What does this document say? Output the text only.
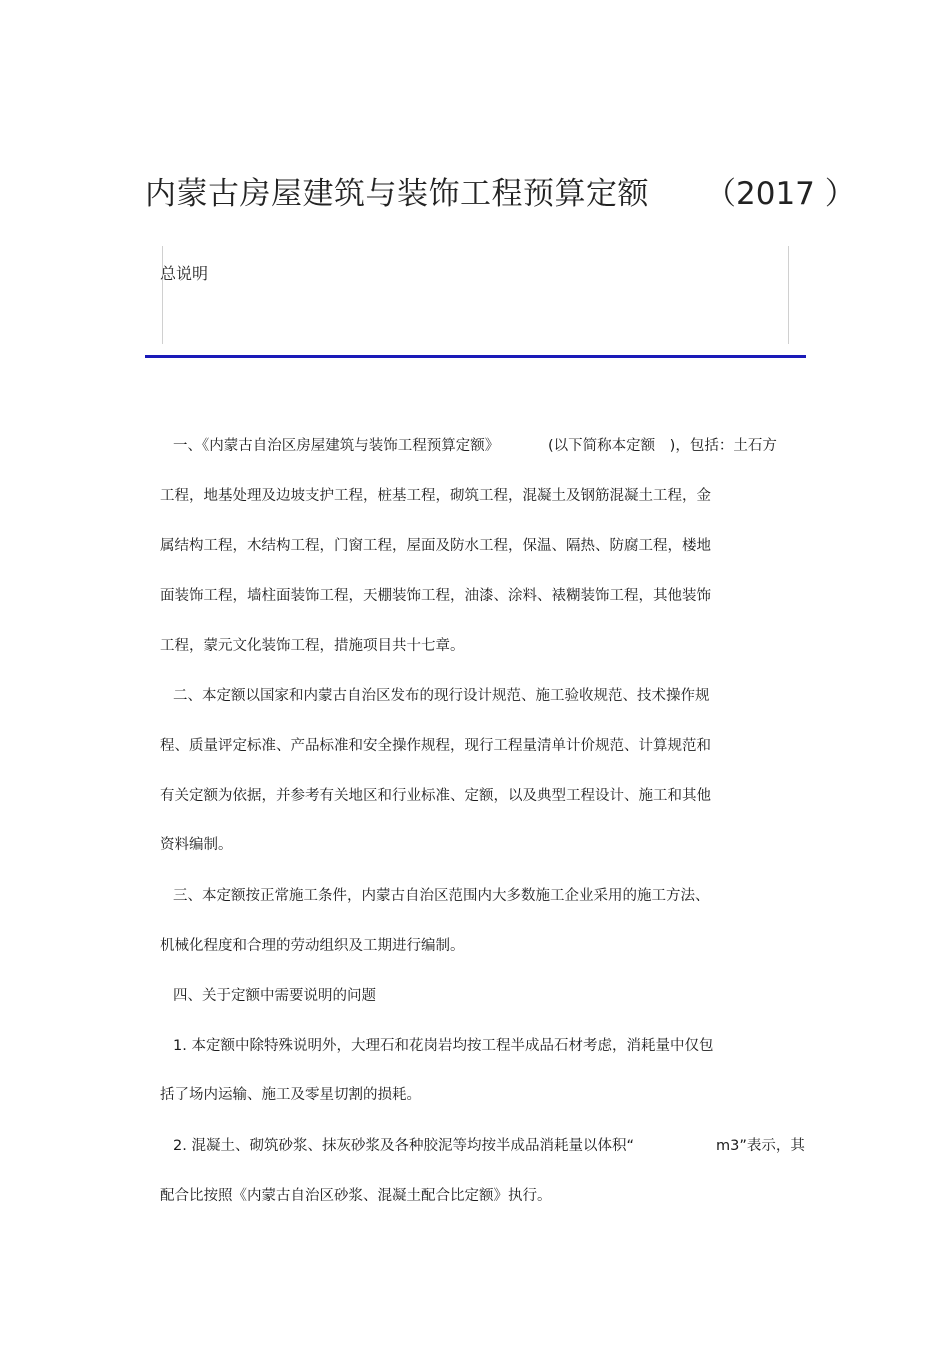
内蒙古房屋建筑与装饰工程预算定额 （2017 ）
总说明
一、《内蒙古自治区房屋建筑与装饰工程预算定额》	(以下简称本定额　)，包括：土石方
工程，地基处理及边坡支护工程，桩基工程，砌筑工程，混凝土及钢筋混凝土工程，金
属结构工程，木结构工程，门窗工程，屋面及防水工程，保温、隔热、防腐工程，楼地
面装饰工程，墙柱面装饰工程，天棚装饰工程，油漆、涂料、裱糊装饰工程，其他装饰
工程，蒙元文化装饰工程，措施项目共十七章。
二、本定额以国家和内蒙古自治区发布的现行设计规范、施工验收规范、技术操作规
程、质量评定标准、产品标准和安全操作规程，现行工程量清单计价规范、计算规范和
有关定额为依据，并参考有关地区和行业标准、定额，以及典型工程设计、施工和其他
资料编制。
三、本定额按正常施工条件，内蒙古自治区范围内大多数施工企业采用的施工方法、
机械化程度和合理的劳动组织及工期进行编制。
四、关于定额中需要说明的问题
1. 本定额中除特殊说明外，大理石和花岗岩均按工程半成品石材考虑，消耗量中仅包
括了场内运输、施工及零星切割的损耗。
2. 混凝土、砌筑砂浆、抹灰砂浆及各种胶泥等均按半成品消耗量以体积“	m3”表示，其
配合比按照《内蒙古自治区砂浆、混凝土配合比定额》执行。
